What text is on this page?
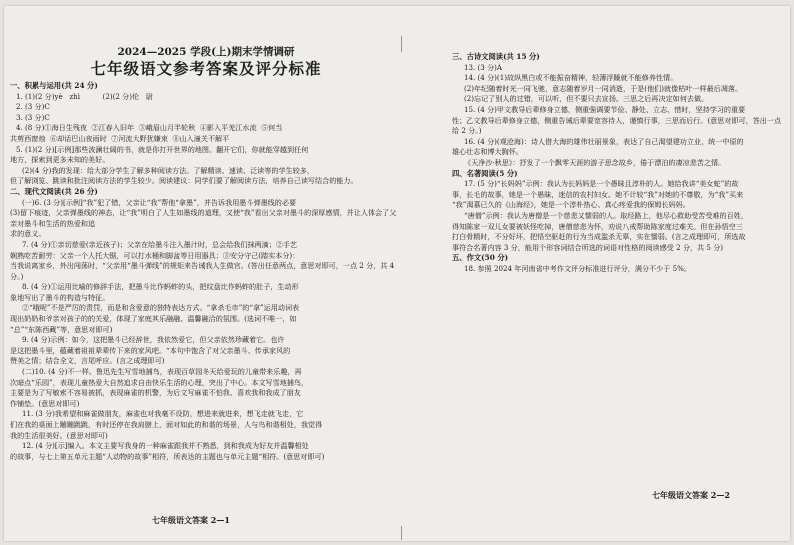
2024—2025 学段(上)期末学情调研
七年级语文参考答案及评分标准

一、积累与运用(共 24 分)

1. (1)(2 分)yè   zhì          (2)(2 分)伦   尉

2. (3 分)C

3. (3 分)C

4. (8 分)①海日生残夜  ②江春入旧年  ③峨眉山月半轮秋  ④影入平羌江水流  ⑤何当

共剪西窗烛  ⑥却话巴山夜雨时  ⑦河流大野犹嫌束  ⑧山入潼关不解平

5. (1)(2 分)[示例]那些波澜壮阔的书，就是你打开世界的地图。翻开它们，你就能穿越到任何

地方，探索到更多未知的美好。

(2)(4 分)我的发现：给大部分学生了解多种阅读方法。了解精读、速读、泛读等的学生较多，

但了解浏览、跳读和批注阅读方法的学生较少。阅读建议：同学们要了解阅读方法，培养自己读写结合的能力。

二、现代文阅读(共 26 分)

(一)6. (3 分)[示例]“我”犯了错，父亲让“我”帮他“拿墨”，并告诉我用墨斗弹墨线的必要

(3)留下痕迹，父亲弹墨线的神态，让“我”明白了人生如墨线的道理，又使“我”看出父亲对墨斗的深厚感情，并让人体会了父亲对墨斗和生活的热爱和追

求的意义。

7. (4 分)①亲切慈爱(亲近孩子)；父亲在给墨斗注入墨汁时，总会给我们抹两滴；②手艺

娴熟吃苦耐劳：父亲一个人托大锯，可以打水桶和脚盆等日用器具；③安分守己(踏实本分)：

当我说离家乡，外出闯荡时，“父亲用“墨斗弹线”的规矩来告诫我人生做官。(答出任意两点，意思对即可，一点 2 分，共 4 分。)

8. (4 分)①运用比喻的修辞手法，把墨斗比作蚂蚱的头，把纹盘比作蚂蚱的肚子，生动形

象地写出了墨斗的构造与特征。

②“哦呢”不是严厉的责罚，而是和含爱意的独特表达方式。“拿杀毛市”的“拿”运用动词表

现出奶奶和爷亲对孩子的的关爱，体现了家庭其乐融融、温馨融洽的氛围。(选词不唯一，如

“总”“东陈西藏”等，意思对即可)

9. (4 分)示例：如今，这把墨斗已经辞世，我依然爱它，但父亲依然珍藏着它。也许

是这把墨斗里，蕴藏着祖祖辈辈传下来的家风吧。“本句中饱含了对父亲墨斗、传承家风的

赞美之情；结合全文，言尾呼应。(言之成理即可)

(二)10. (4 分)不一样。鲁迅先生写雪地捕鸟，表现百草园冬天给爱玩的儿童带来乐趣，再

次暗点“乐园”，表现儿童热爱大自然追求自由快乐生活的心理，突出了中心。本文写雪地捕鸟，

主要是为了写敏索不容易被抓，表现麻雀的机警，为后文写麻雀不怕我、喜欢我和我成了朋友

作铺垫。(意思对即可)

11. (3 分)我希望和麻雀做朋友，麻雀也对我毫不设防，想进来就进来，想飞走就飞走，它

们在我的桌面上蹦蹦跳跳，有时还停在我肩膀上，面对如此的和谐的场景，人与鸟和谐相处，我觉得

我的生活很美好。(意思对即可)

12. (4 分)[示]编入。本文主要写我身的一种麻雀跟我并不熟悉，到和我成为好友并温馨相处

的故事，与七上第五单元主题“人动物的故事”相符，所表达的主题也与单元主题“相符。(意思对即可)

三、古诗文阅读(共 15 分)

13. (3 分)A

14. (4 分)(1)故纵黑白或不能振奋精神，轻薄浮躁就不能修养性情。

(2)年纪随着时光一同飞驰，意志随着岁月一同消逝，于是(他们)就像枯叶一样最后凋落。

(2)忘记了别人的过错，可以听，但不要只去宣扬。三思之后再决定如何去做。

15. (4 分)甲文教导后辈修身立德，侧重强调要节俭、静处、立志、惜时，坚持学习的重要

性；乙文教导后辈修身立德，侧重告诫后辈要宽容待人，谨慎行事，三思而后行。(意思对即可，答出一点给 2 分。)

16. (4 分)(观沧海)：诗人借大海的雄伟壮丽景象，表达了自己渴望建功立业，统一中原的

雄心壮志和博大胸怀。

《天净沙·秋思》：抒发了一个飘零天涯的游子思念故乡，倦于漂泊的凄凉悲苦之情。

四、名著阅读(5 分)

17. (5 分)“长妈妈”示例：我认为长妈妈是一个愚昧且淳朴的人。她给我讲“美女蛇”的故

事，长毛的故事，她是一个愚昧，迷信的农村妇女。她不计较“我”对她的不尊敬，为“我”买来

“我”渴慕已久的《山海经》，她是一个淳朴热心、真心疼爱我的保姆长妈妈。

“唐僧”示例：我认为唐僧是一个慈悲又懦弱的人。取经路上，他尽心救助受苦受难的百姓，

得知陈家一双儿女要被妖怪吃掉，唐僧慈悲为怀，劝说八戒帮助陈家度过难关。但在孙悟空三

打白骨精时，不分好坏，把悟空驱赶的行为当成滥杀无辜，实在懦弱。(言之成理即可，所选故

事符合名著内容 3 分，能用个形容词结合所选的词语对性格的阅读感受 2 分，共 5 分)

五、作文(50 分)

18. 参照 2024 年河南省中考作文评分标准进行评分，满分不少于 5%。

七年级语文答案 2—1
七年级语文答案 2—2
